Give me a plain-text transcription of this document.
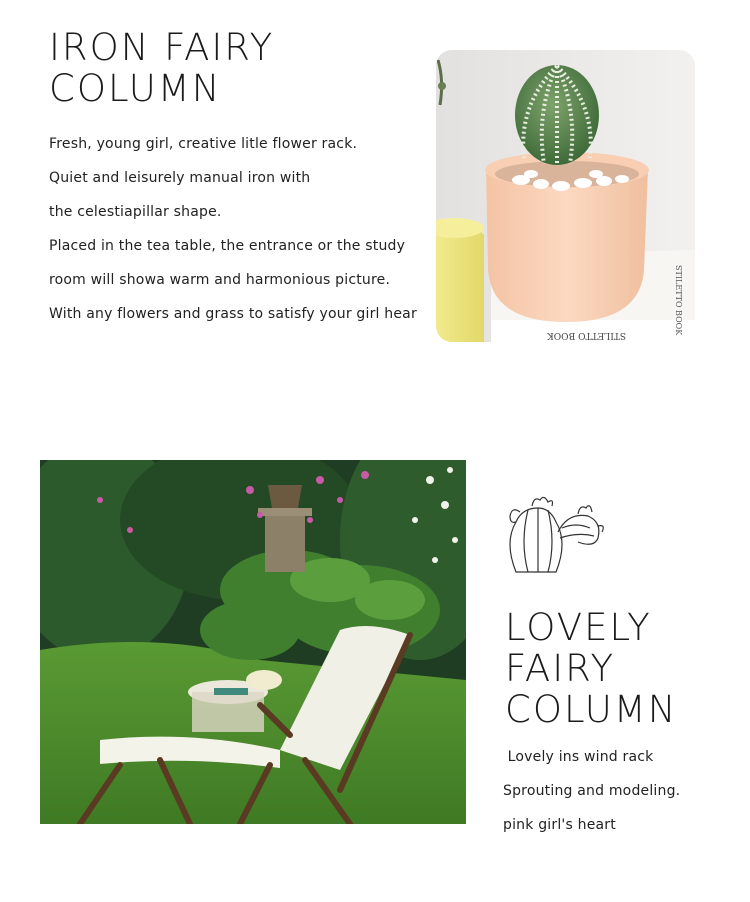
IRON FAIRY
COLUMN
Fresh, young girl, creative litle flower rack.
Quiet and leisurely manual iron with
the celestiapillar shape.
Placed in the tea table, the entrance or the study
room will showa warm and harmonious picture.
With any flowers and grass to satisfy your girl hear
STILETTO BOOK	STILETTO BOOK
LOVELY
FAIRY
COLUMN
Lovely ins wind rack
Sprouting and modeling.
pink girl's heart
